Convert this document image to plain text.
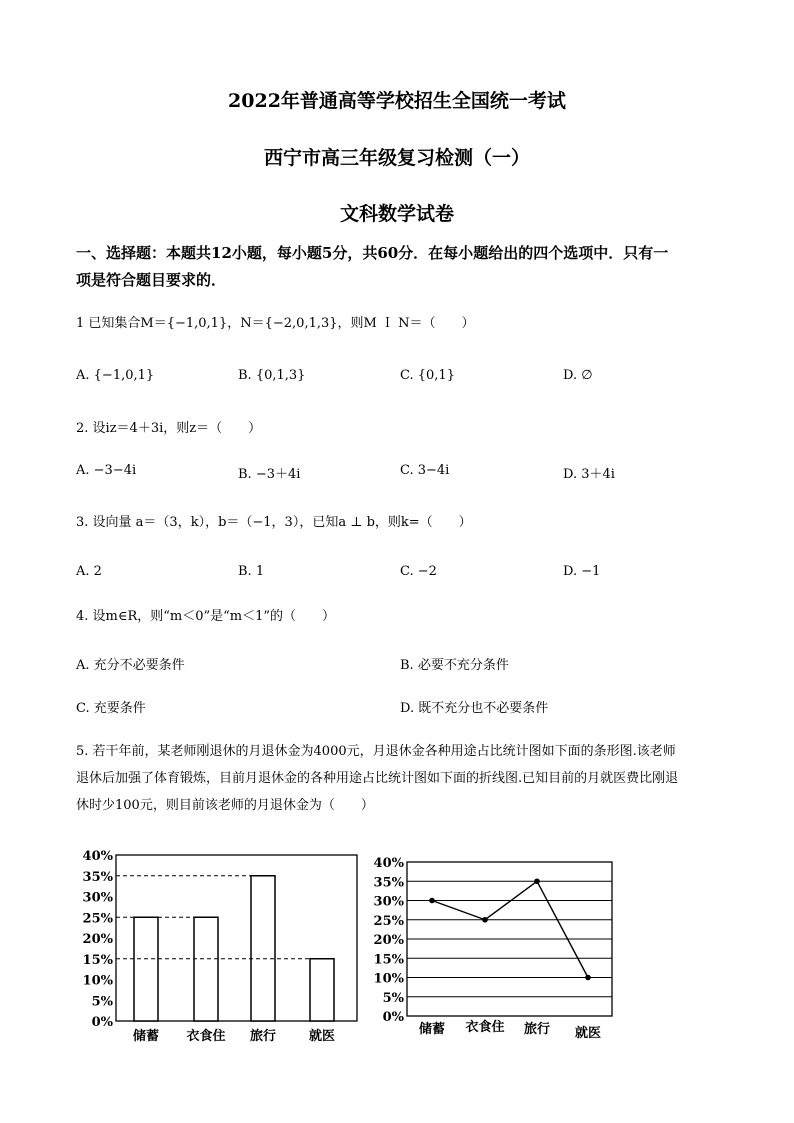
2022年普通高等学校招生全国统一考试
西宁市高三年级复习检测（一）
文科数学试卷
一、选择题：本题共12小题，每小题5分，共60分．在每小题给出的四个选项中．只有一
项是符合题目要求的．
1 已知集合M＝{−1,0,1}，N＝{−2,0,1,3}，则M Ｉ N＝（　　）
A. {−1,0,1}	B. {0,1,3}	C. {0,1}	D. ∅
2. 设iz＝4＋3i，则z＝（　　）
A. −3−4i	B. −3＋4i	C. 3−4i	D. 3＋4i
3. 设向量 a＝（3，k），b＝（−1，3），已知a ⊥ b，则k=（　　）
A. 2	B. 1	C. −2	D. −1
4. 设m∈R，则“m＜0”是“m＜1”的（　　）
A. 充分不必要条件	B. 必要不充分条件
C. 充要条件	D. 既不充分也不必要条件
5. 若干年前，某老师刚退休的月退休金为4000元，月退休金各种用途占比统计图如下面的条形图.该老师
退休后加强了体育锻炼，目前月退休金的各种用途占比统计图如下面的折线图.已知目前的月就医费比刚退
休时少100元，则目前该老师的月退休金为（　　）
0%
5%
10%
15%
20%
25%
30%
35%
40%
储蓄 衣食住 旅行	就医
0%
5%
10%
15%
20%
25%
30%
35%
40%
储蓄 衣食住 旅行 就医
